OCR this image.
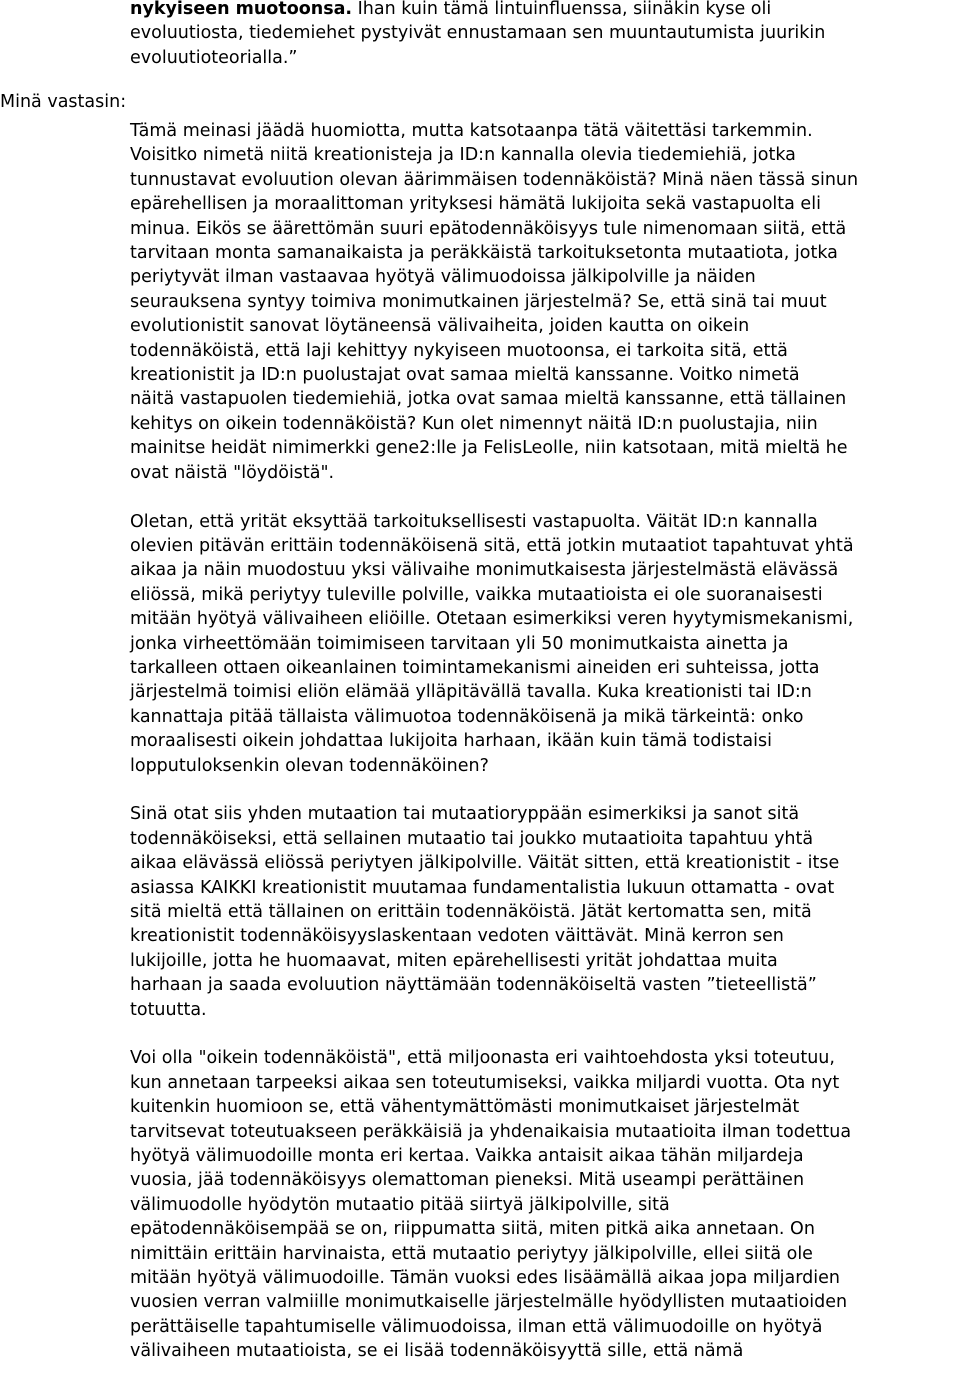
Minä vastasin:
nykyiseen muotoonsa. Ihan kuin tämä lintuinfluenssa, siinäkin kyse oli
evoluutiosta, tiedemiehet pystyivät ennustamaan sen muuntautumista juurikin
evoluutioteorialla.”
Tämä meinasi jäädä huomiotta, mutta katsotaanpa tätä väitettäsi tarkemmin.
Voisitko nimetä niitä kreationisteja ja ID:n kannalla olevia tiedemiehiä, jotka
tunnustavat evoluution olevan äärimmäisen todennäköistä? Minä näen tässä sinun
epärehellisen ja moraalittoman yrityksesi hämätä lukijoita sekä vastapuolta eli
minua. Eikös se äärettömän suuri epätodennäköisyys tule nimenomaan siitä, että
tarvitaan monta samanaikaista ja peräkkäistä tarkoituksetonta mutaatiota, jotka
periytyvät ilman vastaavaa hyötyä välimuodoissa jälkipolville ja näiden
seurauksena syntyy toimiva monimutkainen järjestelmä? Se, että sinä tai muut
evolutionistit sanovat löytäneensä välivaiheita, joiden kautta on oikein
todennäköistä, että laji kehittyy nykyiseen muotoonsa, ei tarkoita sitä, että
kreationistit ja ID:n puolustajat ovat samaa mieltä kanssanne. Voitko nimetä
näitä vastapuolen tiedemiehiä, jotka ovat samaa mieltä kanssanne, että tällainen
kehitys on oikein todennäköistä? Kun olet nimennyt näitä ID:n puolustajia, niin
mainitse heidät nimimerkki gene2:lle ja FelisLeolle, niin katsotaan, mitä mieltä he
ovat näistä "löydöistä".
Oletan, että yrität eksyttää tarkoituksellisesti vastapuolta. Väität ID:n kannalla
olevien pitävän erittäin todennäköisenä sitä, että jotkin mutaatiot tapahtuvat yhtä
aikaa ja näin muodostuu yksi välivaihe monimutkaisesta järjestelmästä elävässä
eliössä, mikä periytyy tuleville polville, vaikka mutaatioista ei ole suoranaisesti
mitään hyötyä välivaiheen eliöille. Otetaan esimerkiksi veren hyytymismekanismi,
jonka virheettömään toimimiseen tarvitaan yli 50 monimutkaista ainetta ja
tarkalleen ottaen oikeanlainen toimintamekanismi aineiden eri suhteissa, jotta
järjestelmä toimisi eliön elämää ylläpitävällä tavalla. Kuka kreationisti tai ID:n
kannattaja pitää tällaista välimuotoa todennäköisenä ja mikä tärkeintä: onko
moraalisesti oikein johdattaa lukijoita harhaan, ikään kuin tämä todistaisi
lopputuloksenkin olevan todennäköinen?
Sinä otat siis yhden mutaation tai mutaatioryppään esimerkiksi ja sanot sitä
todennäköiseksi, että sellainen mutaatio tai joukko mutaatioita tapahtuu yhtä
aikaa elävässä eliössä periytyen jälkipolville. Väität sitten, että kreationistit - itse
asiassa KAIKKI kreationistit muutamaa fundamentalistia lukuun ottamatta - ovat
sitä mieltä että tällainen on erittäin todennäköistä. Jätät kertomatta sen, mitä
kreationistit todennäköisyyslaskentaan vedoten väittävät. Minä kerron sen
lukijoille, jotta he huomaavat, miten epärehellisesti yrität johdattaa muita
harhaan ja saada evoluution näyttämään todennäköiseltä vasten ”tieteellistä”
totuutta.
Voi olla "oikein todennäköistä", että miljoonasta eri vaihtoehdosta yksi toteutuu,
kun annetaan tarpeeksi aikaa sen toteutumiseksi, vaikka miljardi vuotta. Ota nyt
kuitenkin huomioon se, että vähentymättömästi monimutkaiset järjestelmät
tarvitsevat toteutuakseen peräkkäisiä ja yhdenaikaisia mutaatioita ilman todettua
hyötyä välimuodoille monta eri kertaa. Vaikka antaisit aikaa tähän miljardeja
vuosia, jää todennäköisyys olemattoman pieneksi. Mitä useampi perättäinen
välimuodolle hyödytön mutaatio pitää siirtyä jälkipolville, sitä
epätodennäköisempää se on, riippumatta siitä, miten pitkä aika annetaan. On
nimittäin erittäin harvinaista, että mutaatio periytyy jälkipolville, ellei siitä ole
mitään hyötyä välimuodoille. Tämän vuoksi edes lisäämällä aikaa jopa miljardien
vuosien verran valmiille monimutkaiselle järjestelmälle hyödyllisten mutaatioiden
perättäiselle tapahtumiselle välimuodoissa, ilman että välimuodoille on hyötyä
välivaiheen mutaatioista, se ei lisää todennäköisyyttä sille, että nämä
